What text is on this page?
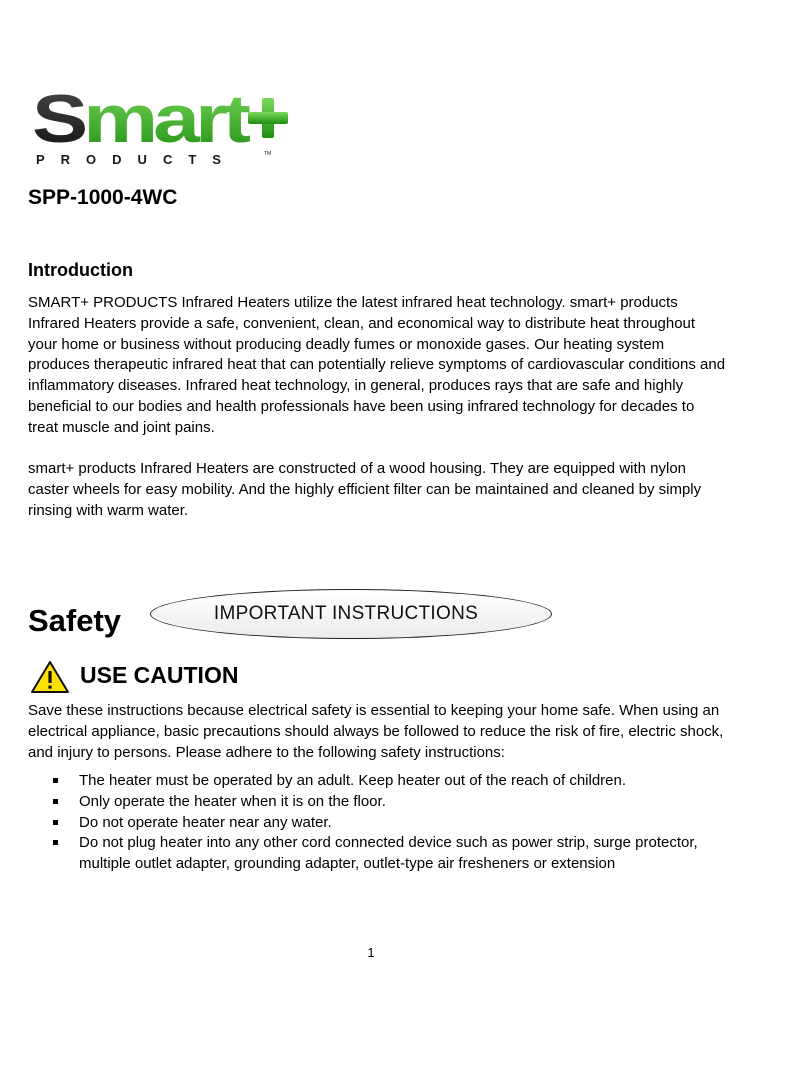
S mart
PRODUCTS	TM
SPP-1000-4WC
Introduction

SMART+ PRODUCTS Infrared Heaters utilize the latest infrared heat technology. smart+ products Infrared Heaters provide a safe, convenient, clean, and economical way to distribute heat throughout your home or business without producing deadly fumes or monoxide gases. Our heating system produces therapeutic infrared heat that can potentially relieve symptoms of cardiovascular conditions and inflammatory diseases. Infrared heat technology, in general, produces rays that are safe and highly beneficial to our bodies and health professionals have been using infrared technology for decades to treat muscle and joint pains.

smart+ products Infrared Heaters are constructed of a wood housing. They are equipped with nylon caster wheels for easy mobility. And the highly efficient filter can be maintained and cleaned by simply rinsing with warm water.

Safety	IMPORTANT INSTRUCTIONS
USE CAUTION

Save these instructions because electrical safety is essential to keeping your home safe. When using an electrical appliance, basic precautions should always be followed to reduce the risk of fire, electric shock, and injury to persons. Please adhere to the following safety instructions:

The heater must be operated by an adult. Keep heater out of the reach of children.
Only operate the heater when it is on the floor.
Do not operate heater near any water.
Do not plug heater into any other cord connected device such as power strip, surge protector, multiple outlet adapter, grounding adapter, outlet-type air fresheners or extension
1
